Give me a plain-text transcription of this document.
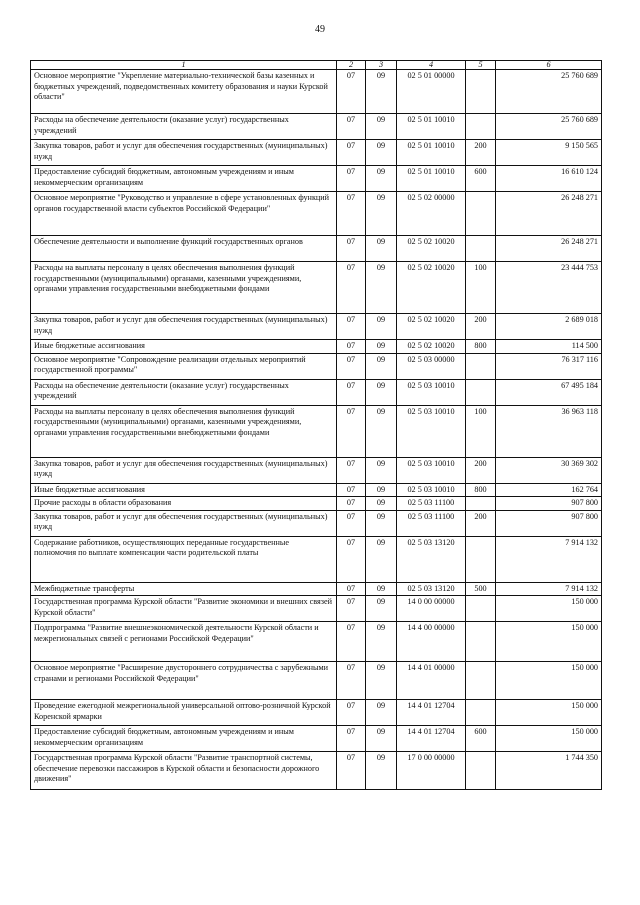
49
1	2	3	4	5	6
Основное мероприятие "Укрепление материально-технической базы казенных и бюджетных учреждений, подведомственных комитету образования и науки Курской области"	07	09	02 5 01 00000		25 760 689
Расходы на обеспечение деятельности (оказание услуг) государственных учреждений	07	09	02 5 01 10010		25 760 689
Закупка товаров, работ и услуг для обеспечения государственных (муниципальных) нужд	07	09	02 5 01 10010	200	9 150 565
Предоставление субсидий бюджетным, автономным учреждениям и иным некоммерческим организациям	07	09	02 5 01 10010	600	16 610 124
Основное мероприятие "Руководство и управление в сфере установленных функций органов государственной власти субъектов Российской Федерации"	07	09	02 5 02 00000		26 248 271
Обеспечение деятельности и выполнение функций государственных органов	07	09	02 5 02 10020		26 248 271
Расходы на выплаты персоналу в целях обеспечения выполнения функций государственными (муниципальными) органами, казенными учреждениями, органами управления государственными внебюджетными фондами	07	09	02 5 02 10020	100	23 444 753
Закупка товаров, работ и услуг для обеспечения государственных (муниципальных) нужд	07	09	02 5 02 10020	200	2 689 018
Иные бюджетные ассигнования	07	09	02 5 02 10020	800	114 500
Основное мероприятие "Сопровождение реализации отдельных мероприятий государственной программы"	07	09	02 5 03 00000		76 317 116
Расходы на обеспечение деятельности (оказание услуг) государственных учреждений	07	09	02 5 03 10010		67 495 184
Расходы на выплаты персоналу в целях обеспечения выполнения функций государственными (муниципальными) органами, казенными учреждениями, органами управления государственными внебюджетными фондами	07	09	02 5 03 10010	100	36 963 118
Закупка товаров, работ и услуг для обеспечения государственных (муниципальных) нужд	07	09	02 5 03 10010	200	30 369 302
Иные бюджетные ассигнования	07	09	02 5 03 10010	800	162 764
Прочие расходы в области образования	07	09	02 5 03 11100		907 800
Закупка товаров, работ и услуг для обеспечения государственных (муниципальных) нужд	07	09	02 5 03 11100	200	907 800
Содержание работников, осуществляющих переданные государственные полномочия по выплате компенсации части родительской платы	07	09	02 5 03 13120		7 914 132
Межбюджетные трансферты	07	09	02 5 03 13120	500	7 914 132
Государственная программа Курской области "Развитие экономики и внешних связей Курской области"	07	09	14 0 00 00000		150 000
Подпрограмма "Развитие внешнеэкономической деятельности Курской области и межрегиональных связей с регионами Российской Федерации"	07	09	14 4 00 00000		150 000
Основное мероприятие "Расширение двустороннего сотрудничества с зарубежными странами и регионами Российской Федерации"	07	09	14 4 01 00000		150 000
Проведение ежегодной межрегиональной универсальной оптово-розничной Курской Коренской ярмарки	07	09	14 4 01 12704		150 000
Предоставление субсидий бюджетным, автономным учреждениям и иным некоммерческим организациям	07	09	14 4 01 12704	600	150 000
Государственная программа Курской области "Развитие транспортной системы, обеспечение перевозки пассажиров в Курской области и безопасности дорожного движения"	07	09	17 0 00 00000		1 744 350
